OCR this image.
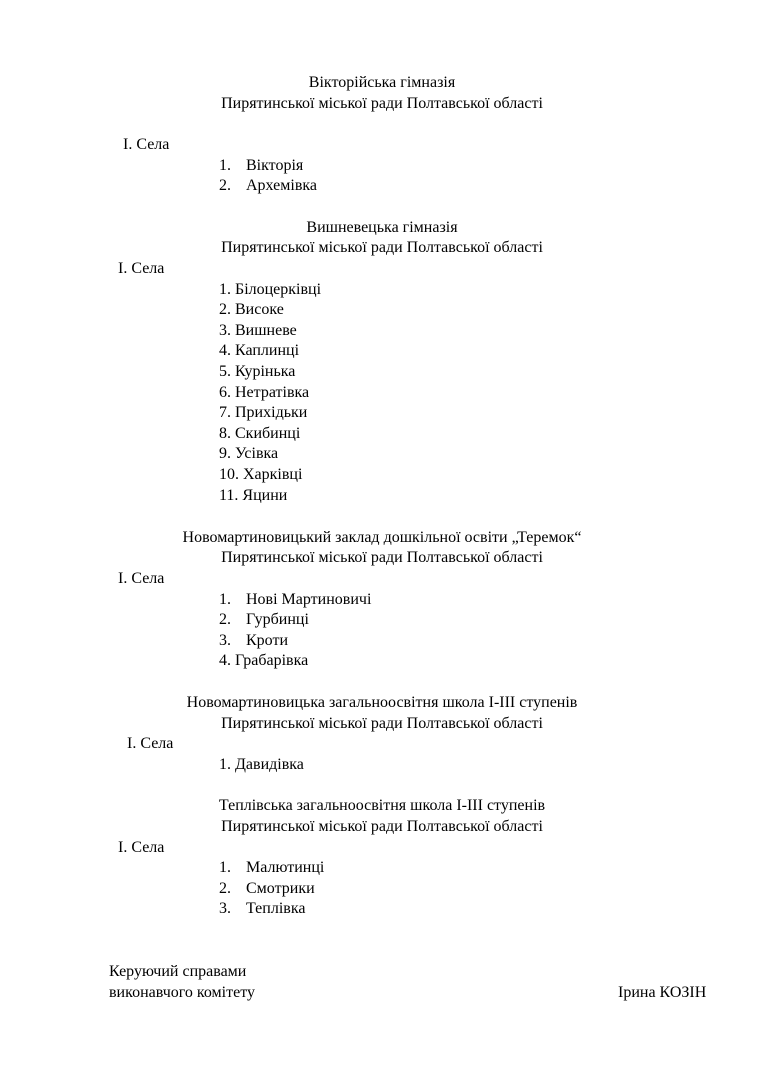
Вікторійська гімназія
Пирятинської міської ради Полтавської області
I. Села
1. Вікторія
2. Архемівка
Вишневецька гімназія
Пирятинської міської ради Полтавської області
I. Села
1. Білоцерківці
2. Високе
3. Вишневе
4. Каплинці
5. Курінька
6. Нетратівка
7. Прихідьки
8. Скибинці
9. Усівка
10. Харківці
11. Яцини
Новомартиновицький заклад дошкільної освіти „Теремок“
Пирятинської міської ради Полтавської області
I. Села
1. Нові Мартиновичі
2. Гурбинці
3. Кроти
4. Грабарівка
Новомартиновицька загальноосвітня школа І-ІІІ ступенів
Пирятинської міської ради Полтавської області
I. Села
1. Давидівка
Теплівська загальноосвітня школа І-ІІІ ступенів
Пирятинської міської ради Полтавської області
I. Села
1. Малютинці
2. Смотрики
3. Теплівка
Керуючий справами
виконавчого комітету	Ірина КОЗІН
